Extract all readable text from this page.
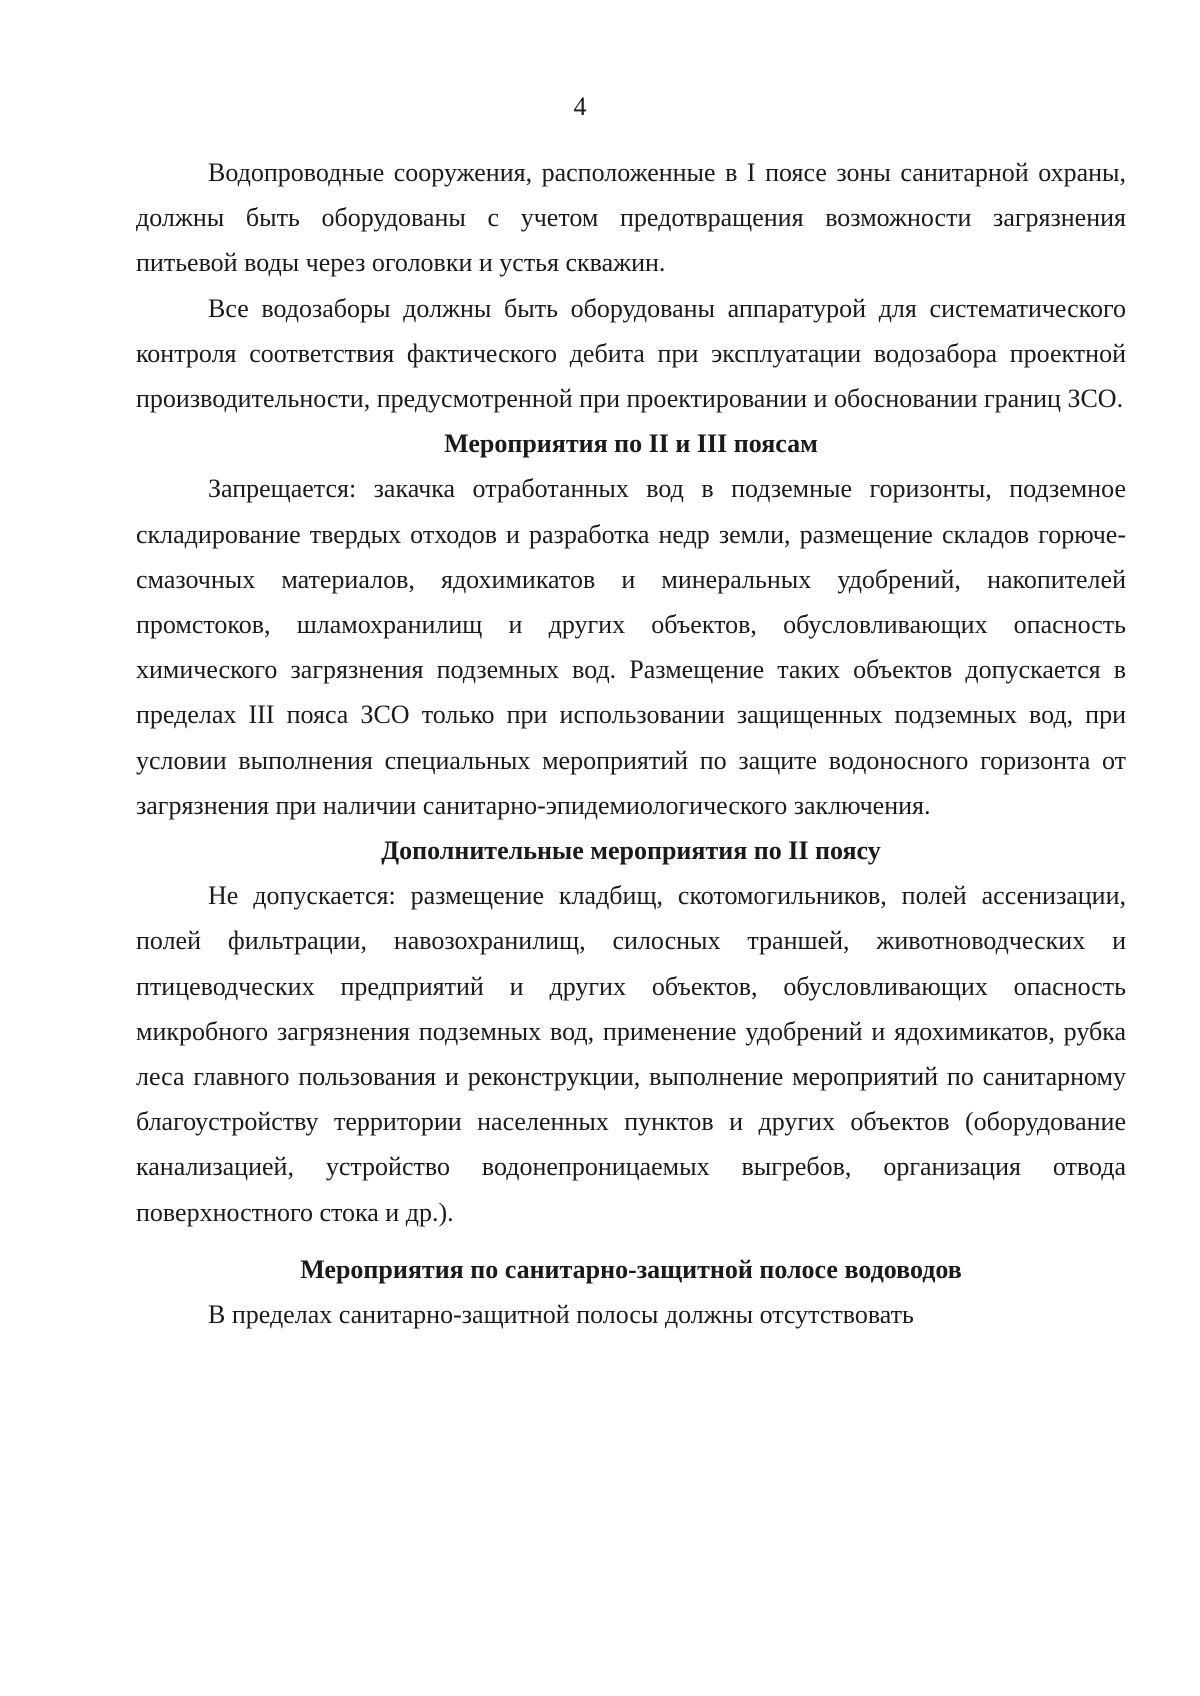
4

Водопроводные сооружения, расположенные в I поясе зоны санитарной охраны, должны быть оборудованы с учетом предотвращения возможности загрязнения питьевой воды через оголовки и устья скважин.

Все водозаборы должны быть оборудованы аппаратурой для систематического контроля соответствия фактического дебита при эксплуатации водозабора проектной производительности, предусмотренной при проектировании и обосновании границ ЗСО.

Мероприятия по II и III поясам

Запрещается: закачка отработанных вод в подземные горизонты, подземное складирование твердых отходов и разработка недр земли, размещение складов горюче-смазочных материалов, ядохимикатов и минеральных удобрений, накопителей промстоков, шламохранилищ и других объектов, обусловливающих опасность химического загрязнения подземных вод. Размещение таких объектов допускается в пределах III пояса ЗСО только при использовании защищенных подземных вод, при условии выполнения специальных мероприятий по защите водоносного горизонта от загрязнения при наличии санитарно-эпидемиологического заключения.

Дополнительные мероприятия по II поясу

Не допускается: размещение кладбищ, скотомогильников, полей ассенизации, полей фильтрации, навозохранилищ, силосных траншей, животноводческих и птицеводческих предприятий и других объектов, обусловливающих опасность микробного загрязнения подземных вод, применение удобрений и ядохимикатов, рубка леса главного пользования и реконструкции, выполнение мероприятий по санитарному благоустройству территории населенных пунктов и других объектов (оборудование канализацией, устройство водонепроницаемых выгребов, организация отвода поверхностного стока и др.).

Мероприятия по санитарно-защитной полосе водоводов

В пределах санитарно-защитной полосы должны отсутствовать
